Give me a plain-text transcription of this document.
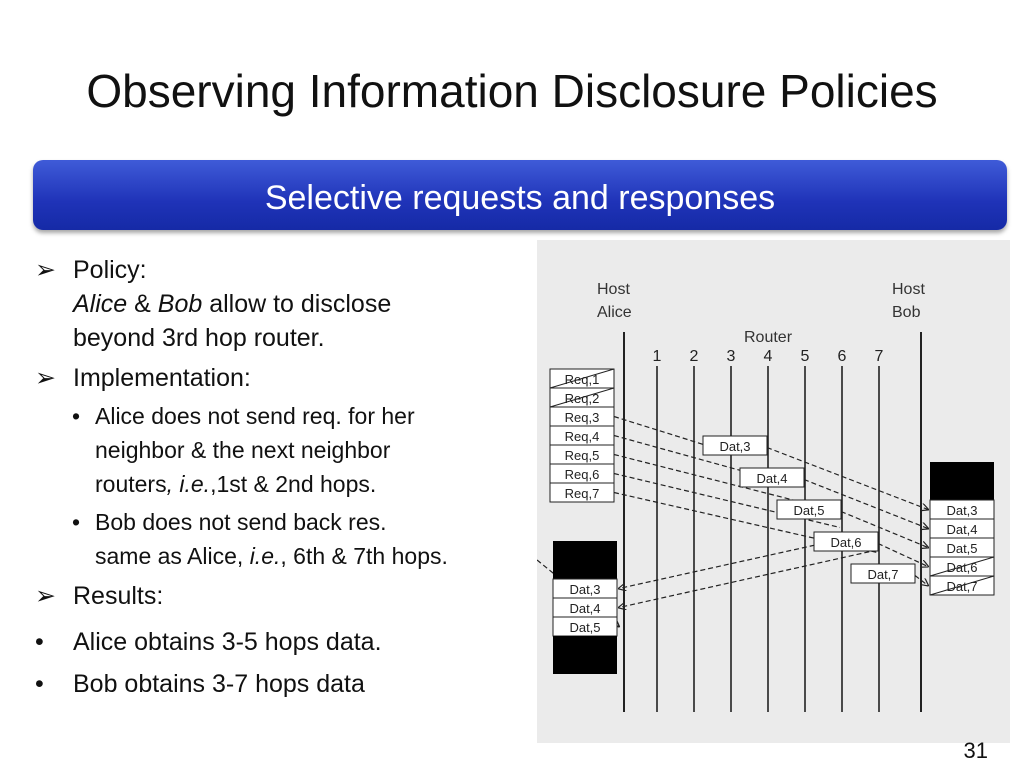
Observing Information Disclosure Policies
Selective requests and responses
➢ Policy:
Alice & Bob allow to disclose
beyond 3rd hop router.
➢ Implementation:
• Alice does not send req. for her
neighbor & the next neighbor
routers, i.e.,1st & 2nd hops.
• Bob does not send back res.
same as Alice, i.e., 6th & 7th hops.
➢ Results:
•	Alice obtains 3-5 hops data.
•	Bob obtains 3-7 hops data
Host
Alice
Host
Bob
Router
1 2 3 4 5 6 7
Req,1
Req,2
Req,3
Req,4
Req,5
Req,6
Req,7
Dat,3
Dat,4
Dat,5
Dat,6
Dat,7
Dat,3
Dat,4
Dat,5
Dat,6
Dat,7
Dat,3
Dat,4
Dat,5
31
